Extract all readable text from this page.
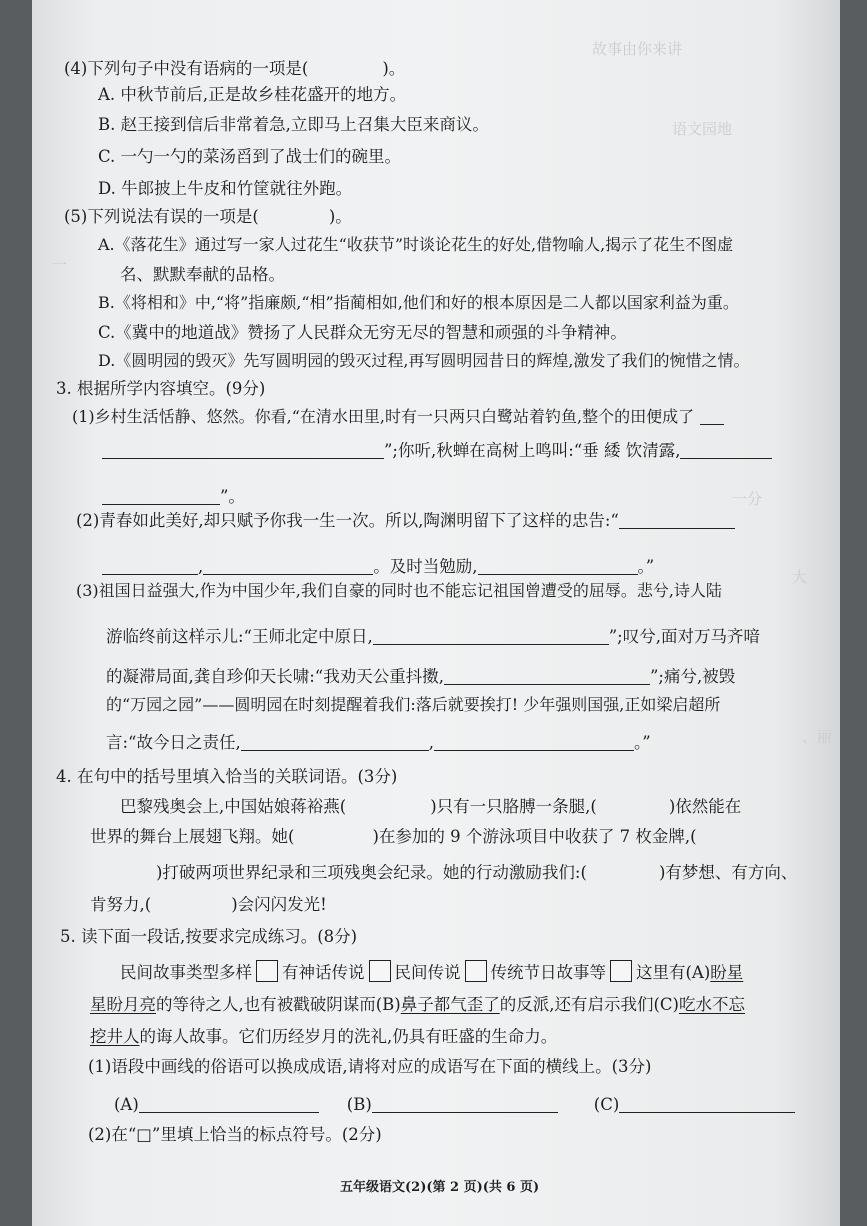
故事由你来讲
语文园地
一
一分
大
、丽
(4)下列句子中没有语病的一项是(	)。
A. 中秋节前后,正是故乡桂花盛开的地方。
B. 赵王接到信后非常着急,立即马上召集大臣来商议。
C. 一勺一勺的菜汤舀到了战士们的碗里。
D. 牛郎披上牛皮和竹筐就往外跑。
(5)下列说法有误的一项是(	)。
A.《落花生》通过写一家人过花生“收获节”时谈论花生的好处,借物喻人,揭示了花生不图虚
名、默默奉献的品格。
B.《将相和》中,“将”指廉颇,“相”指蔺相如,他们和好的根本原因是二人都以国家利益为重。
C.《冀中的地道战》赞扬了人民群众无穷无尽的智慧和顽强的斗争精神。
D.《圆明园的毁灭》先写圆明园的毁灭过程,再写圆明园昔日的辉煌,激发了我们的惋惜之情。
3. 根据所学内容填空。(9分)
(1)乡村生活恬静、悠然。你看,“在清水田里,时有一只两只白鹭站着钓鱼,整个的田便成了
”;你听,秋蝉在高树上鸣叫:“垂 緌 饮清露,
”。
(2)青春如此美好,却只赋予你我一生一次。所以,陶渊明留下了这样的忠告:“
,	。及时当勉励,	。”
(3)祖国日益强大,作为中国少年,我们自豪的同时也不能忘记祖国曾遭受的屈辱。悲兮,诗人陆
游临终前这样示儿:“王师北定中原日,	”;叹兮,面对万马齐喑
的凝滞局面,龚自珍仰天长啸:“我劝天公重抖擞,	”;痛兮,被毁
的“万园之园”——圆明园在时刻提醒着我们:落后就要挨打! 少年强则国强,正如梁启超所
言:“故今日之责任,	,	。”
4. 在句中的括号里填入恰当的关联词语。(3分)
巴黎残奥会上,中国姑娘蒋裕燕(	)只有一只胳膊一条腿,(	)依然能在
世界的舞台上展翅飞翔。她(	)在参加的 9 个游泳项目中收获了 7 枚金牌,(
)打破两项世界纪录和三项残奥会纪录。她的行动激励我们:(	)有梦想、有方向、
肯努力,(	)会闪闪发光!
5. 读下面一段话,按要求完成练习。(8分)
民间故事类型多样 有神话传说 民间传说 传统节日故事等 这里有(A)盼星
星盼月亮的等待之人,也有被戳破阴谋而(B)鼻子都气歪了的反派,还有启示我们(C)吃水不忘
挖井人的诲人故事。它们历经岁月的洗礼,仍具有旺盛的生命力。
(1)语段中画线的俗语可以换成成语,请将对应的成语写在下面的横线上。(3分)
(A)	(B)	(C)
(2)在“□”里填上恰当的标点符号。(2分)
五年级语文(2)(第 2 页)(共 6 页)
